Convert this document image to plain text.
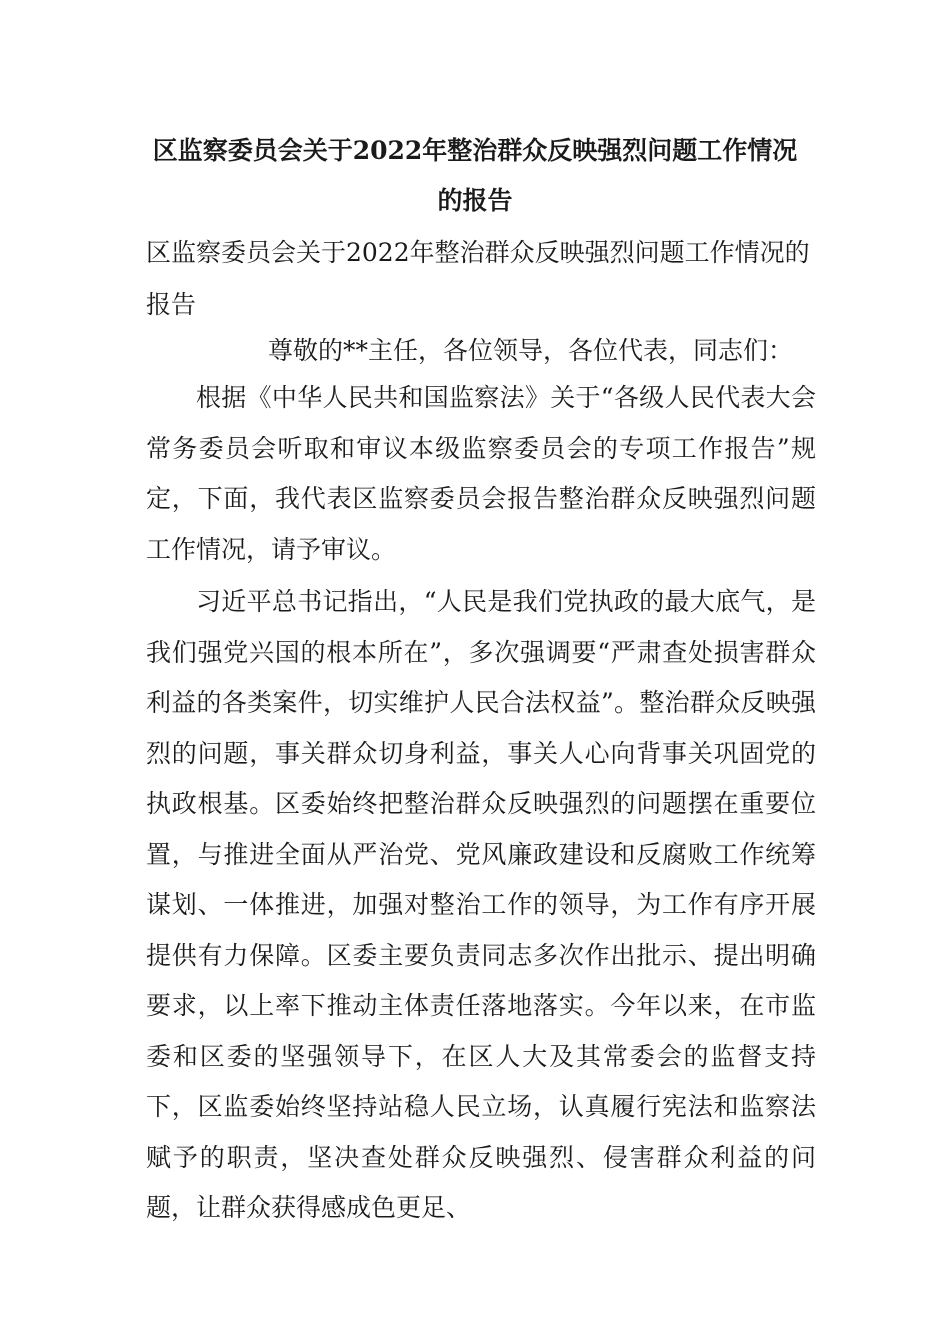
区监察委员会关于2022年整治群众反映强烈问题工作情况
的报告

区监察委员会关于2022年整治群众反映强烈问题工作情况的报告

尊敬的**主任，各位领导，各位代表，同志们：

根据《中华人民共和国监察法》关于“各级人民代表大会常务委员会听取和审议本级监察委员会的专项工作报告”规定，下面，我代表区监察委员会报告整治群众反映强烈问题工作情况，请予审议。

习近平总书记指出，“人民是我们党执政的最大底气，是我们强党兴国的根本所在”，多次强调要“严肃查处损害群众利益的各类案件，切实维护人民合法权益”。整治群众反映强烈的问题，事关群众切身利益，事关人心向背事关巩固党的执政根基。区委始终把整治群众反映强烈的问题摆在重要位置，与推进全面从严治党、党风廉政建设和反腐败工作统筹谋划、一体推进，加强对整治工作的领导，为工作有序开展提供有力保障。区委主要负责同志多次作出批示、提出明确要求，以上率下推动主体责任落地落实。今年以来，在市监委和区委的坚强领导下，在区人大及其常委会的监督支持下，区监委始终坚持站稳人民立场，认真履行宪法和监察法赋予的职责，坚决查处群众反映强烈、侵害群众利益的问题，让群众获得感成色更足、
